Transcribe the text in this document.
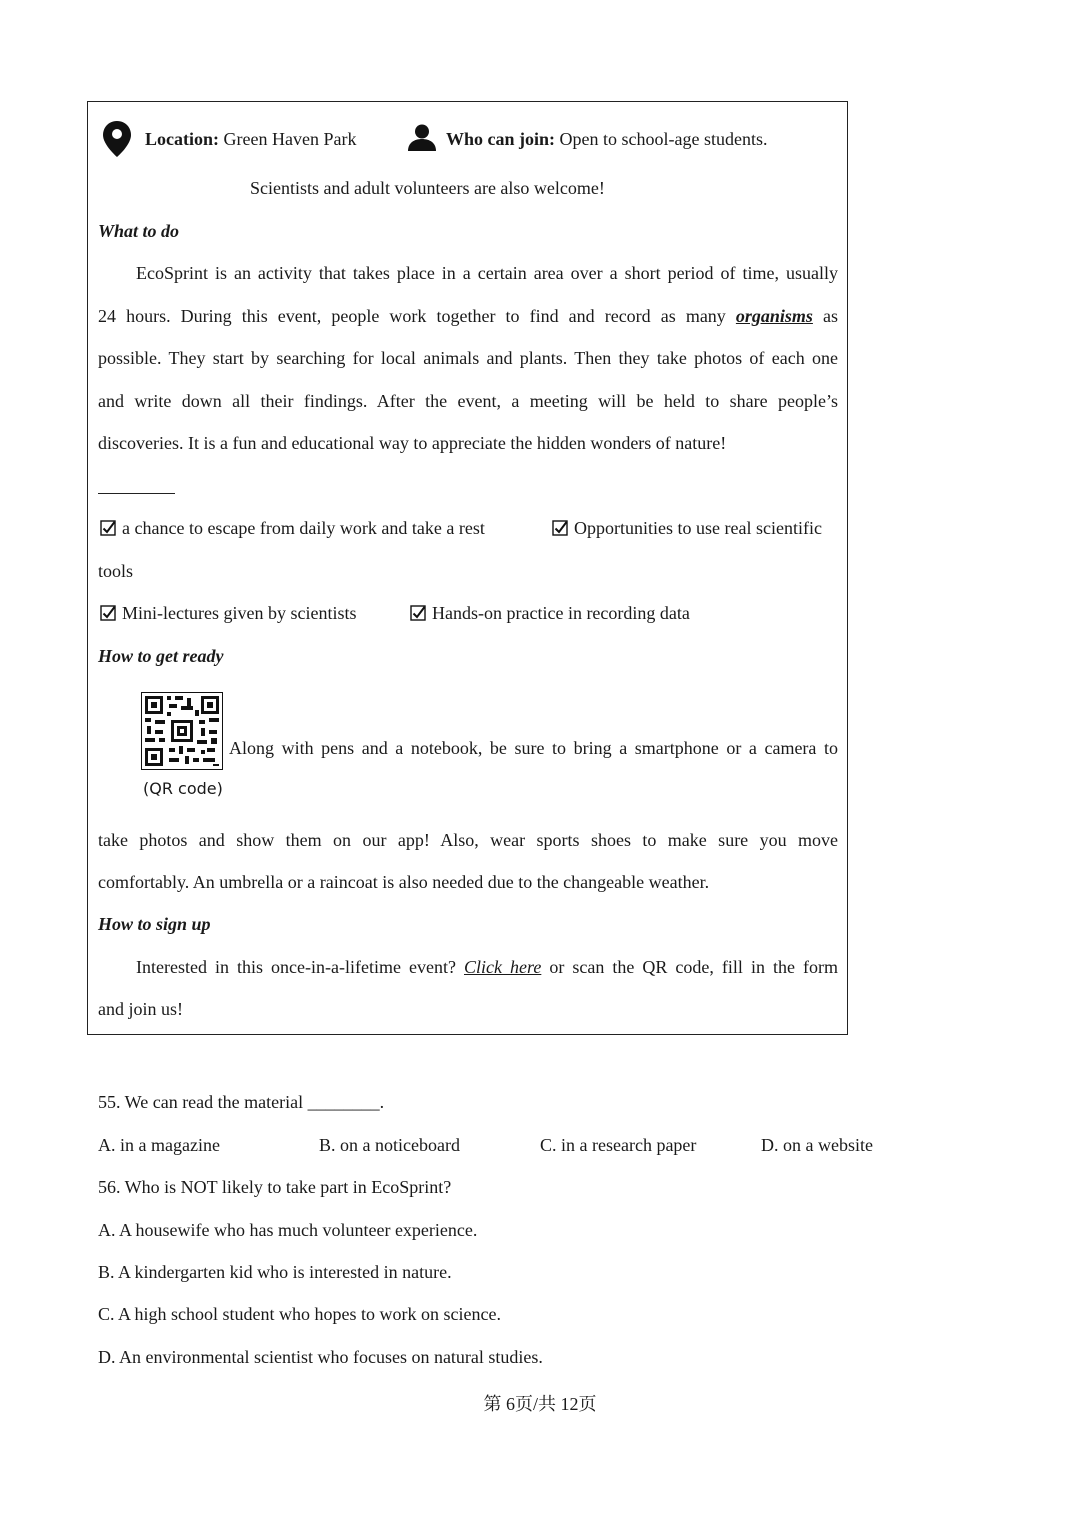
Location: Green Haven Park	Who can join: Open to school-age students.
Scientists and adult volunteers are also welcome!
What to do
EcoSprint is an activity that takes place in a certain area over a short period of time, usually
24 hours. During this event, people work together to find and record as many organisms as
possible. They start by searching for local animals and plants. Then they take photos of each one
and write down all their findings. After the event, a meeting will be held to share people’s
discoveries. It is a fun and educational way to appreciate the hidden wonders of nature!
a chance to escape from daily work and take a rest	Opportunities to use real scientific
tools
Mini-lectures given by scientists	Hands-on practice in recording data
How to get ready
(QR code)
Along with pens and a notebook, be sure to bring a smartphone or a camera to
take photos and show them on our app! Also, wear sports shoes to make sure you move
comfortably. An umbrella or a raincoat is also needed due to the changeable weather.
How to sign up
Interested in this once-in-a-lifetime event? Click here or scan the QR code, fill in the form
and join us!
55. We can read the material ________.
A. in a magazine	B. on a noticeboard	C. in a research paper	D. on a website
56. Who is NOT likely to take part in EcoSprint?
A. A housewife who has much volunteer experience.
B. A kindergarten kid who is interested in nature.
C. A high school student who hopes to work on science.
D. An environmental scientist who focuses on natural studies.
第 6页/共 12页
